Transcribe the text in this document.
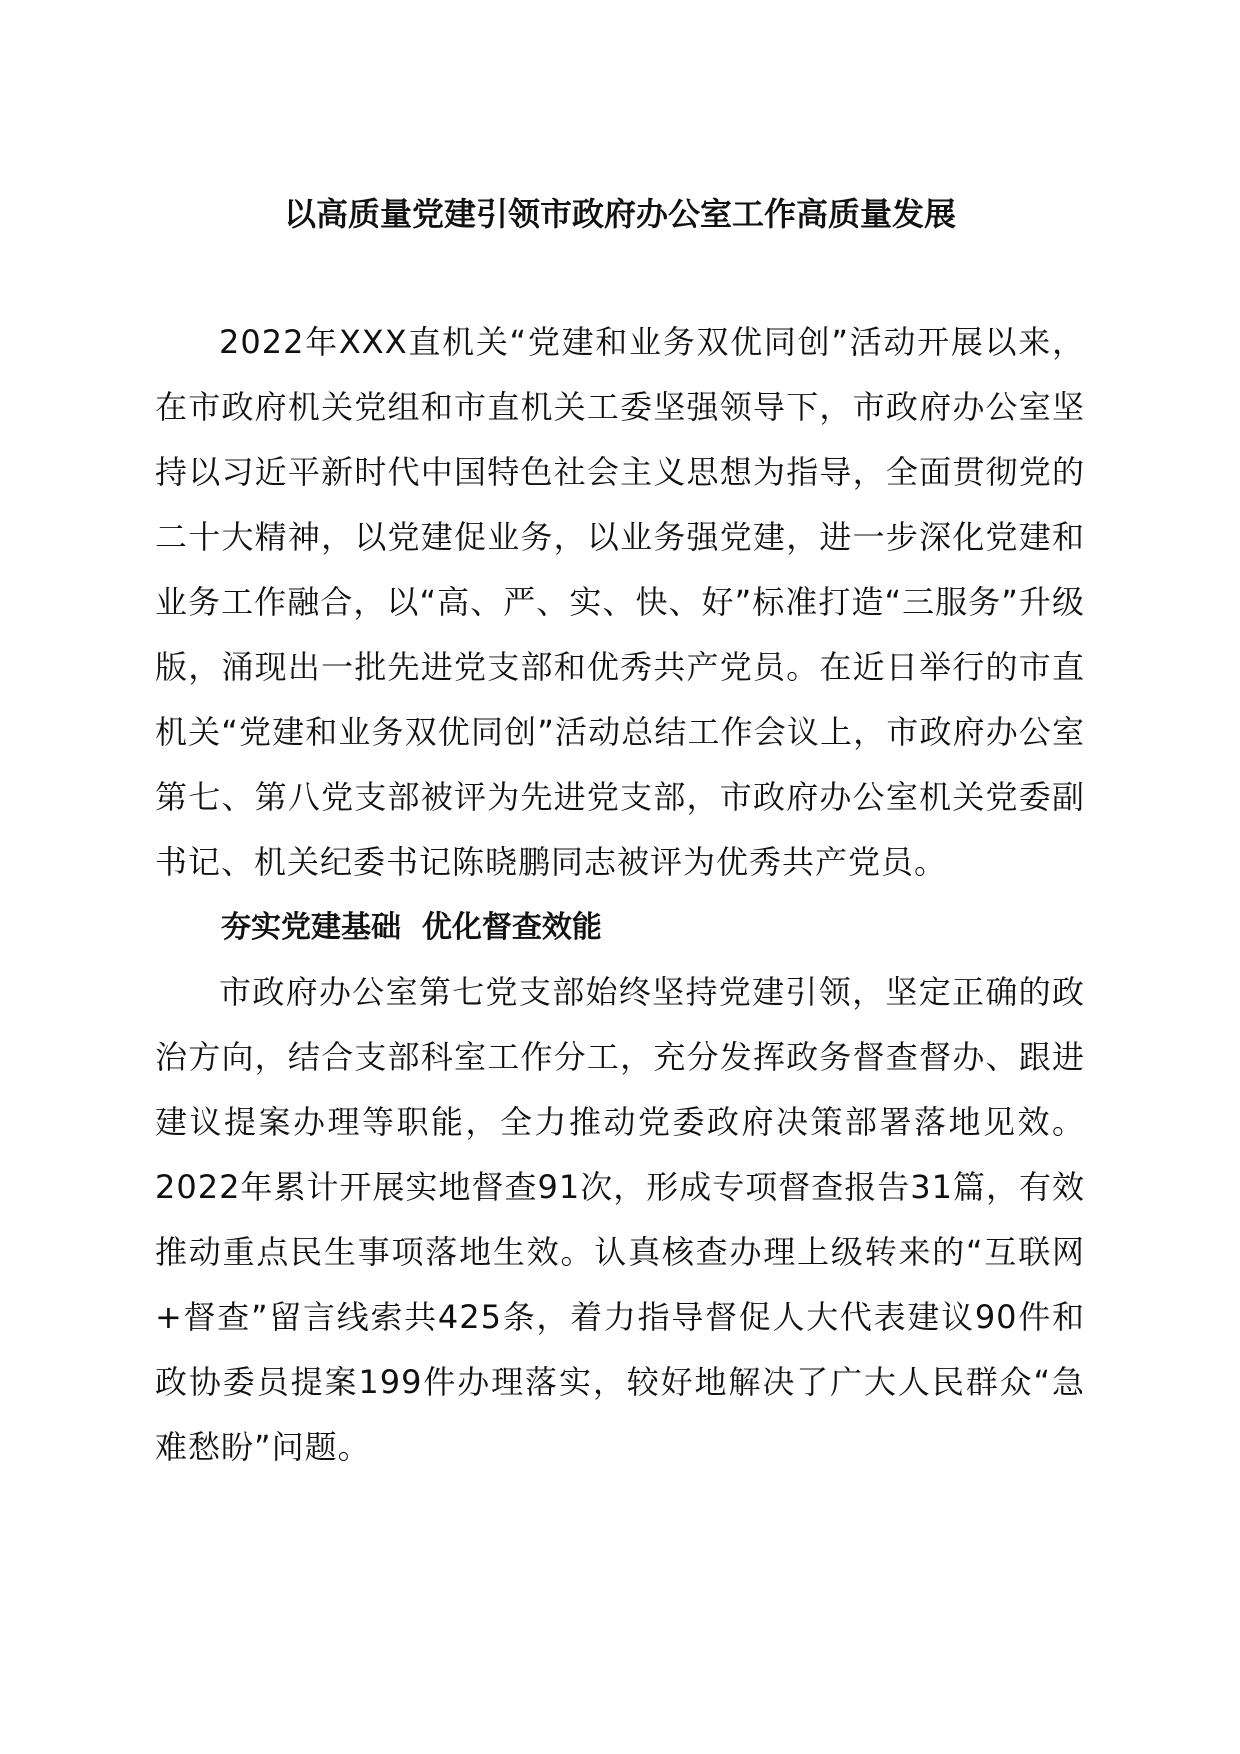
以高质量党建引领市政府办公室工作高质量发展

2022年XXX直机关“党建和业务双优同创”活动开展以来，在市政府机关党组和市直机关工委坚强领导下，市政府办公室坚持以习近平新时代中国特色社会主义思想为指导，全面贯彻党的二十大精神，以党建促业务，以业务强党建，进一步深化党建和业务工作融合，以“高、严、实、快、好”标准打造“三服务”升级版，涌现出一批先进党支部和优秀共产党员。在近日举行的市直机关“党建和业务双优同创”活动总结工作会议上，市政府办公室第七、第八党支部被评为先进党支部，市政府办公室机关党委副书记、机关纪委书记陈晓鹏同志被评为优秀共产党员。

夯实党建基础  优化督查效能

市政府办公室第七党支部始终坚持党建引领，坚定正确的政治方向，结合支部科室工作分工，充分发挥政务督查督办、跟进建议提案办理等职能，全力推动党委政府决策部署落地见效。2022年累计开展实地督查91次，形成专项督查报告31篇，有效推动重点民生事项落地生效。认真核查办理上级转来的“互联网+督查”留言线索共425条，着力指导督促人大代表建议90件和政协委员提案199件办理落实，较好地解决了广大人民群众“急难愁盼”问题。
